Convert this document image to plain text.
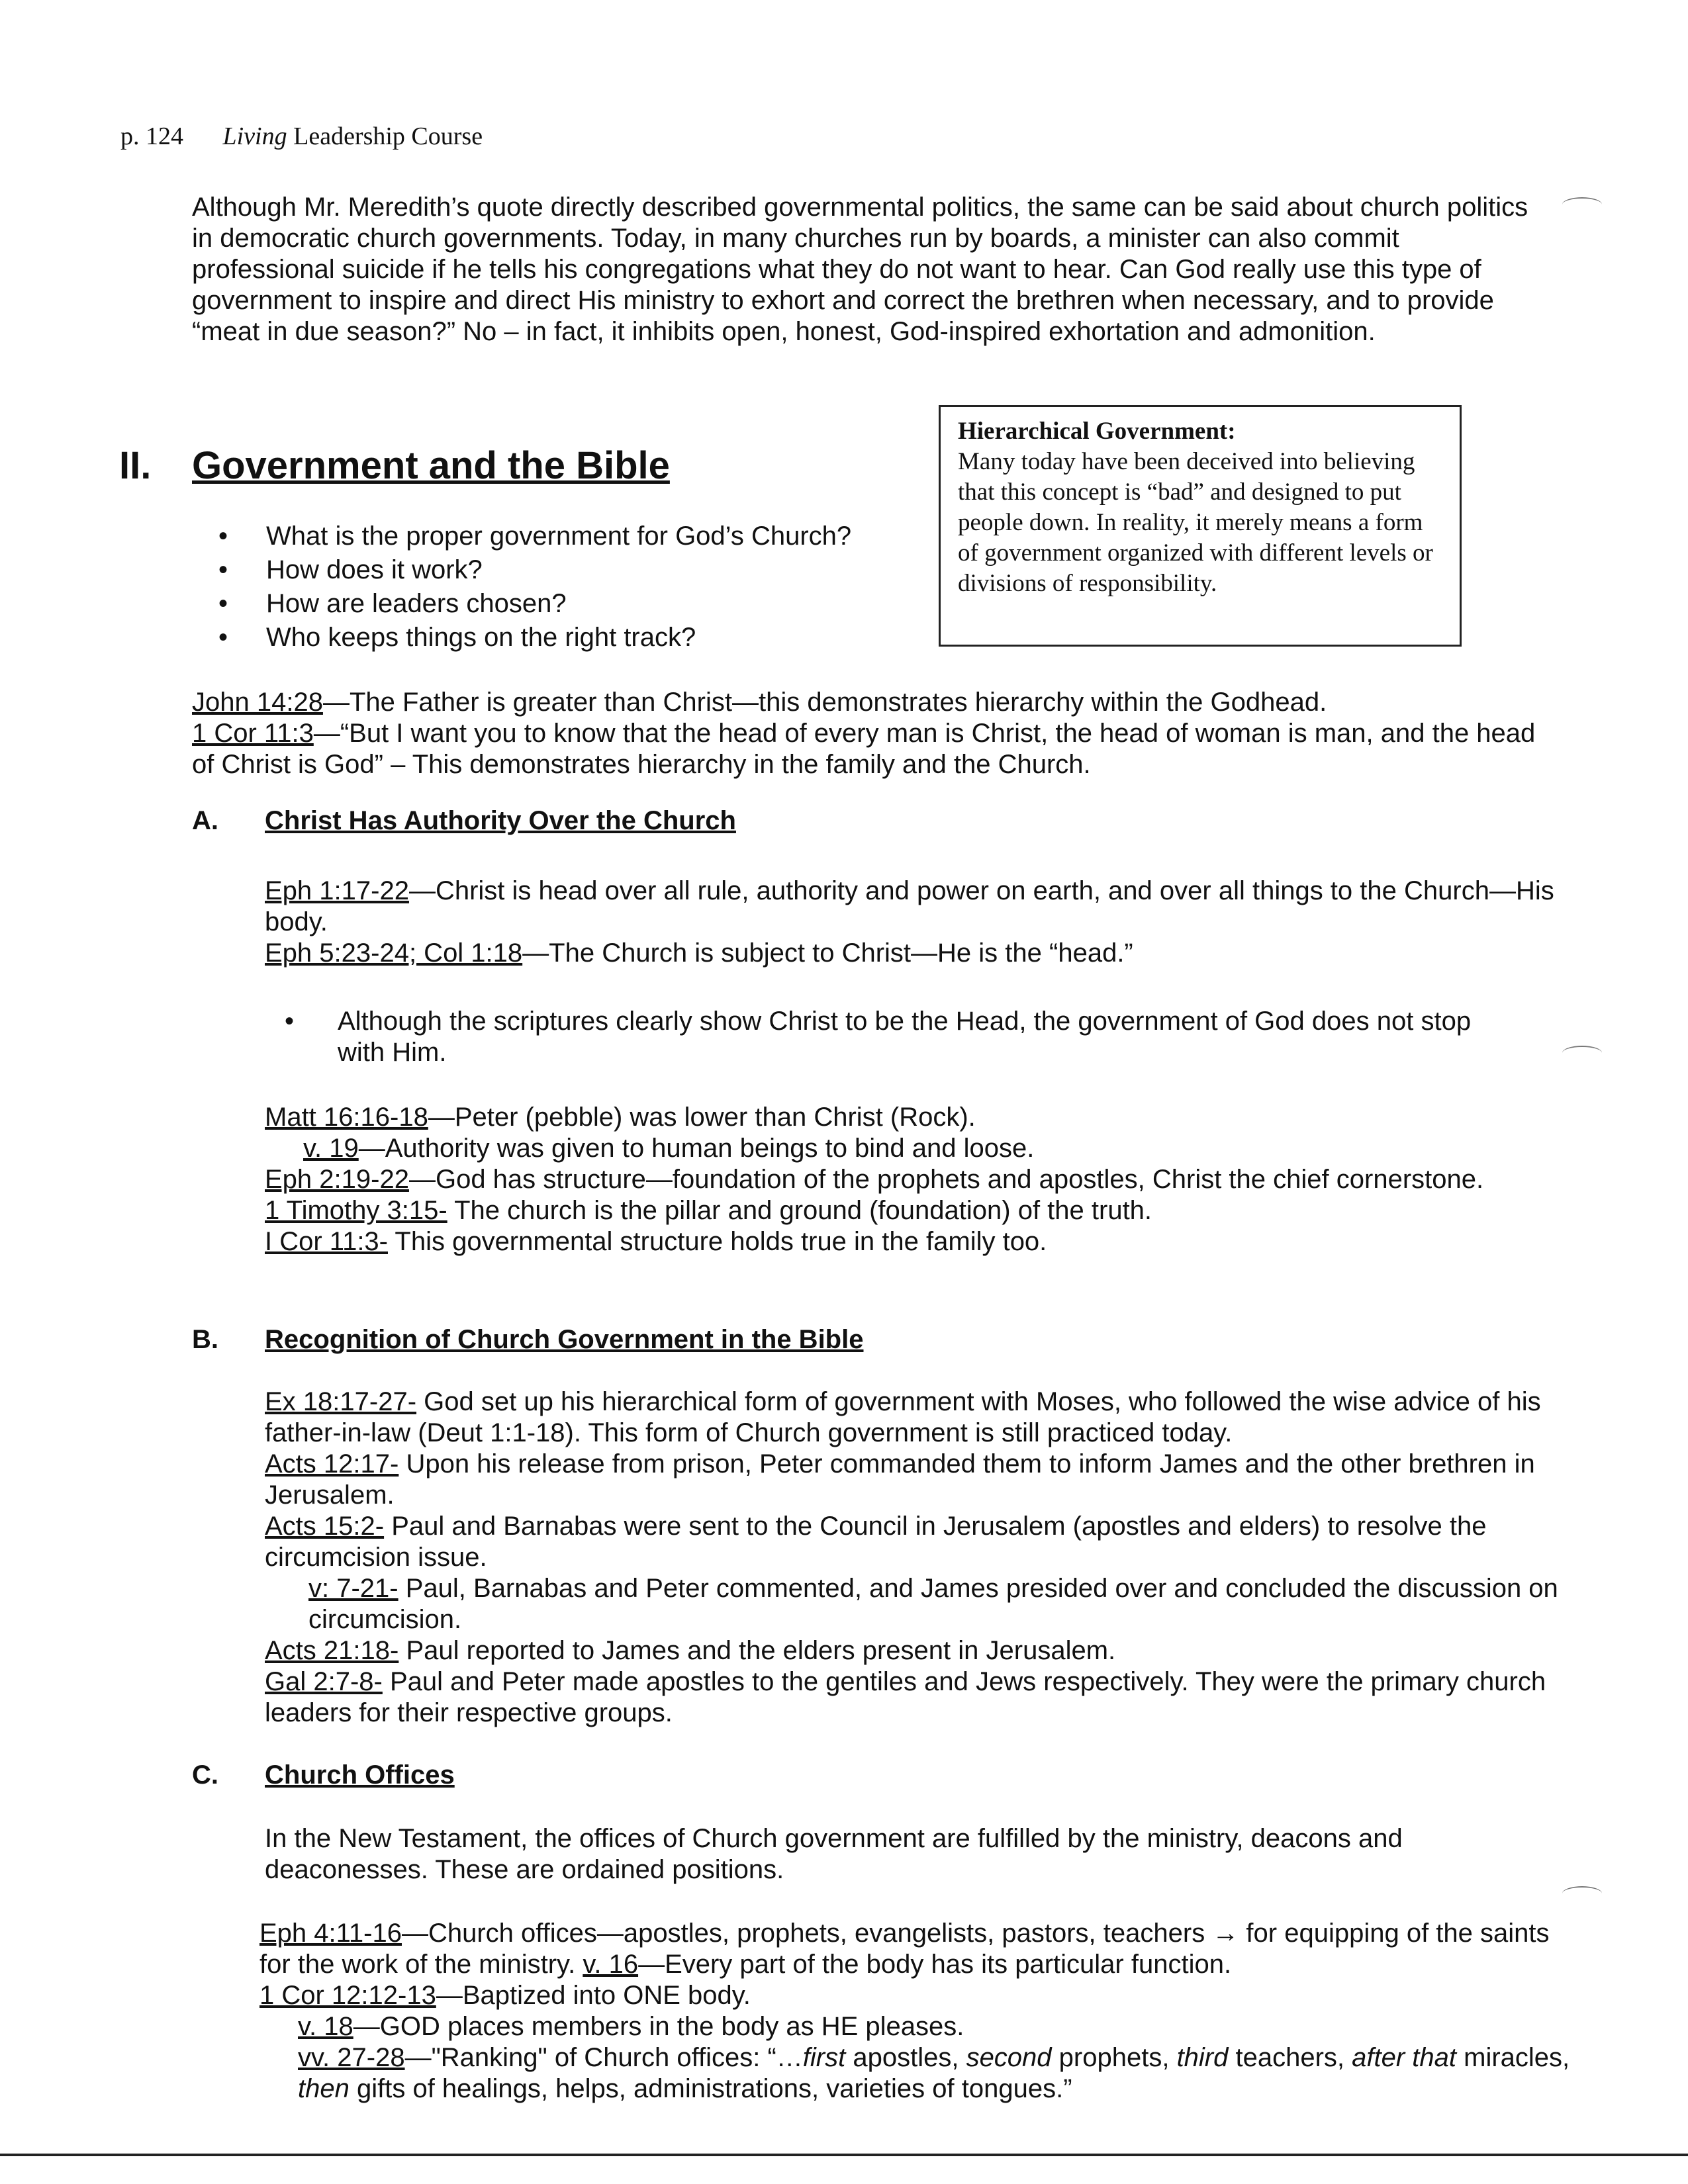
p. 124 Living Leadership Course
Although Mr. Meredith’s quote directly described governmental politics, the same can be said about church politics in democratic church governments. Today, in many churches run by boards, a minister can also commit professional suicide if he tells his congregations what they do not want to hear. Can God really use this type of government to inspire and direct His ministry to exhort and correct the brethren when necessary, and to provide “meat in due season?” No – in fact, it inhibits open, honest, God-inspired exhortation and admonition.
II. Government and the Bible
• What is the proper government for God’s Church?
• How does it work?
• How are leaders chosen?
• Who keeps things on the right track?
Hierarchical Government:
Many today have been deceived into believing that this concept is “bad” and designed to put people down. In reality, it merely means a form of government organized with different levels or divisions of responsibility.
John 14:28—The Father is greater than Christ—this demonstrates hierarchy within the Godhead.
1 Cor 11:3—“But I want you to know that the head of every man is Christ, the head of woman is man, and the head of Christ is God” – This demonstrates hierarchy in the family and the Church.
A. Christ Has Authority Over the Church
Eph 1:17-22—Christ is head over all rule, authority and power on earth, and over all things to the Church—His body.
Eph 5:23-24; Col 1:18—The Church is subject to Christ—He is the “head.”
• Although the scriptures clearly show Christ to be the Head, the government of God does not stop with Him.
Matt 16:16-18—Peter (pebble) was lower than Christ (Rock).
v. 19—Authority was given to human beings to bind and loose.
Eph 2:19-22—God has structure—foundation of the prophets and apostles, Christ the chief cornerstone.
1 Timothy 3:15- The church is the pillar and ground (foundation) of the truth.
I Cor 11:3- This governmental structure holds true in the family too.
B. Recognition of Church Government in the Bible
Ex 18:17-27- God set up his hierarchical form of government with Moses, who followed the wise advice of his father-in-law (Deut 1:1-18). This form of Church government is still practiced today.
Acts 12:17- Upon his release from prison, Peter commanded them to inform James and the other brethren in Jerusalem.
Acts 15:2- Paul and Barnabas were sent to the Council in Jerusalem (apostles and elders) to resolve the circumcision issue.
v: 7-21- Paul, Barnabas and Peter commented, and James presided over and concluded the discussion on circumcision.
Acts 21:18- Paul reported to James and the elders present in Jerusalem.
Gal 2:7-8- Paul and Peter made apostles to the gentiles and Jews respectively. They were the primary church leaders for their respective groups.
C. Church Offices
In the New Testament, the offices of Church government are fulfilled by the ministry, deacons and deaconesses. These are ordained positions.
Eph 4:11-16—Church offices—apostles, prophets, evangelists, pastors, teachers → for equipping of the saints for the work of the ministry. v. 16—Every part of the body has its particular function.
1 Cor 12:12-13—Baptized into ONE body.
v. 18—GOD places members in the body as HE pleases.
vv. 27-28—"Ranking" of Church offices: “…first apostles, second prophets, third teachers, after that miracles, then gifts of healings, helps, administrations, varieties of tongues.”
